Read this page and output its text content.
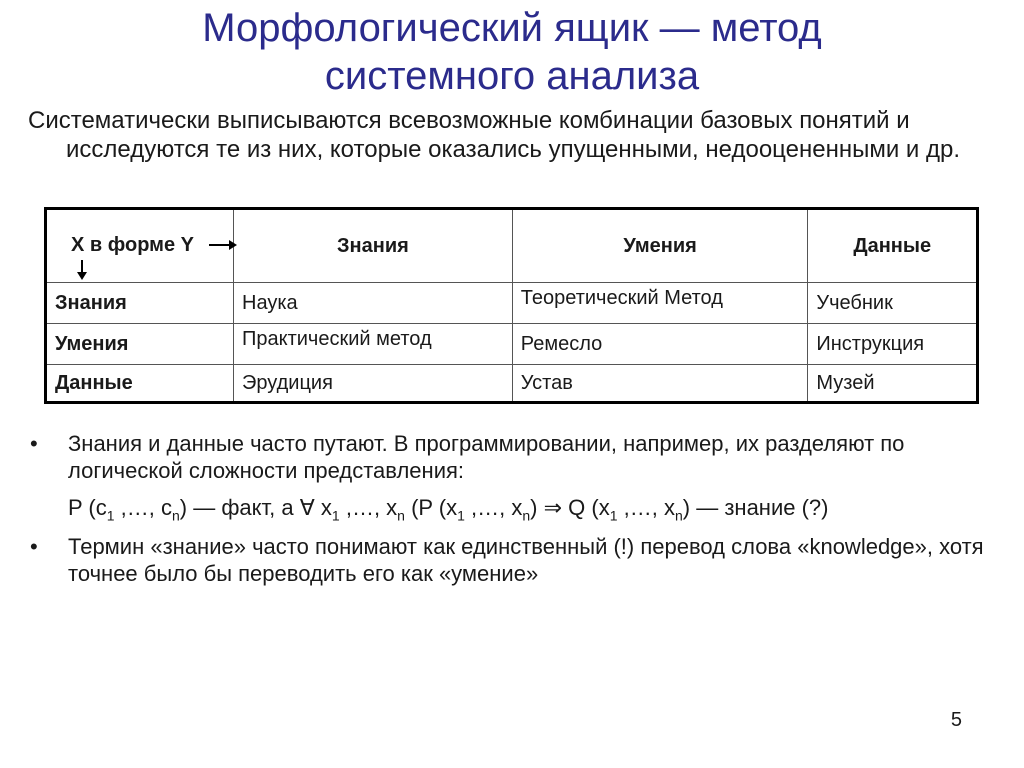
Морфологический ящик — метод
системного анализа
Систематически выписываются всевозможные комбинации базовых понятий и исследуются те из них, которые оказались упущенными, недооцененными и др.
X в форме Y	Знания	Умения	Данные
Знания	Наука	Теоретический Метод	Учебник
Умения	Практический метод	Ремесло	Инструкция
Данные	Эрудиция	Устав	Музей
• Знания и данные часто путают. В программировании, например, их разделяют по логической сложности представления:
P ($c_1$ ,…, $c_n$) — факт, а ∀ $x_1$ ,…, $x_n$ (P ($x_1$ ,…, $x_n$) ⇒ Q ($x_1$ ,…, $x_n$) — знание (?)
• Термин «знание» часто понимают как единственный (!) перевод слова «knowledge», хотя точнее было бы переводить его как «умение»
5
